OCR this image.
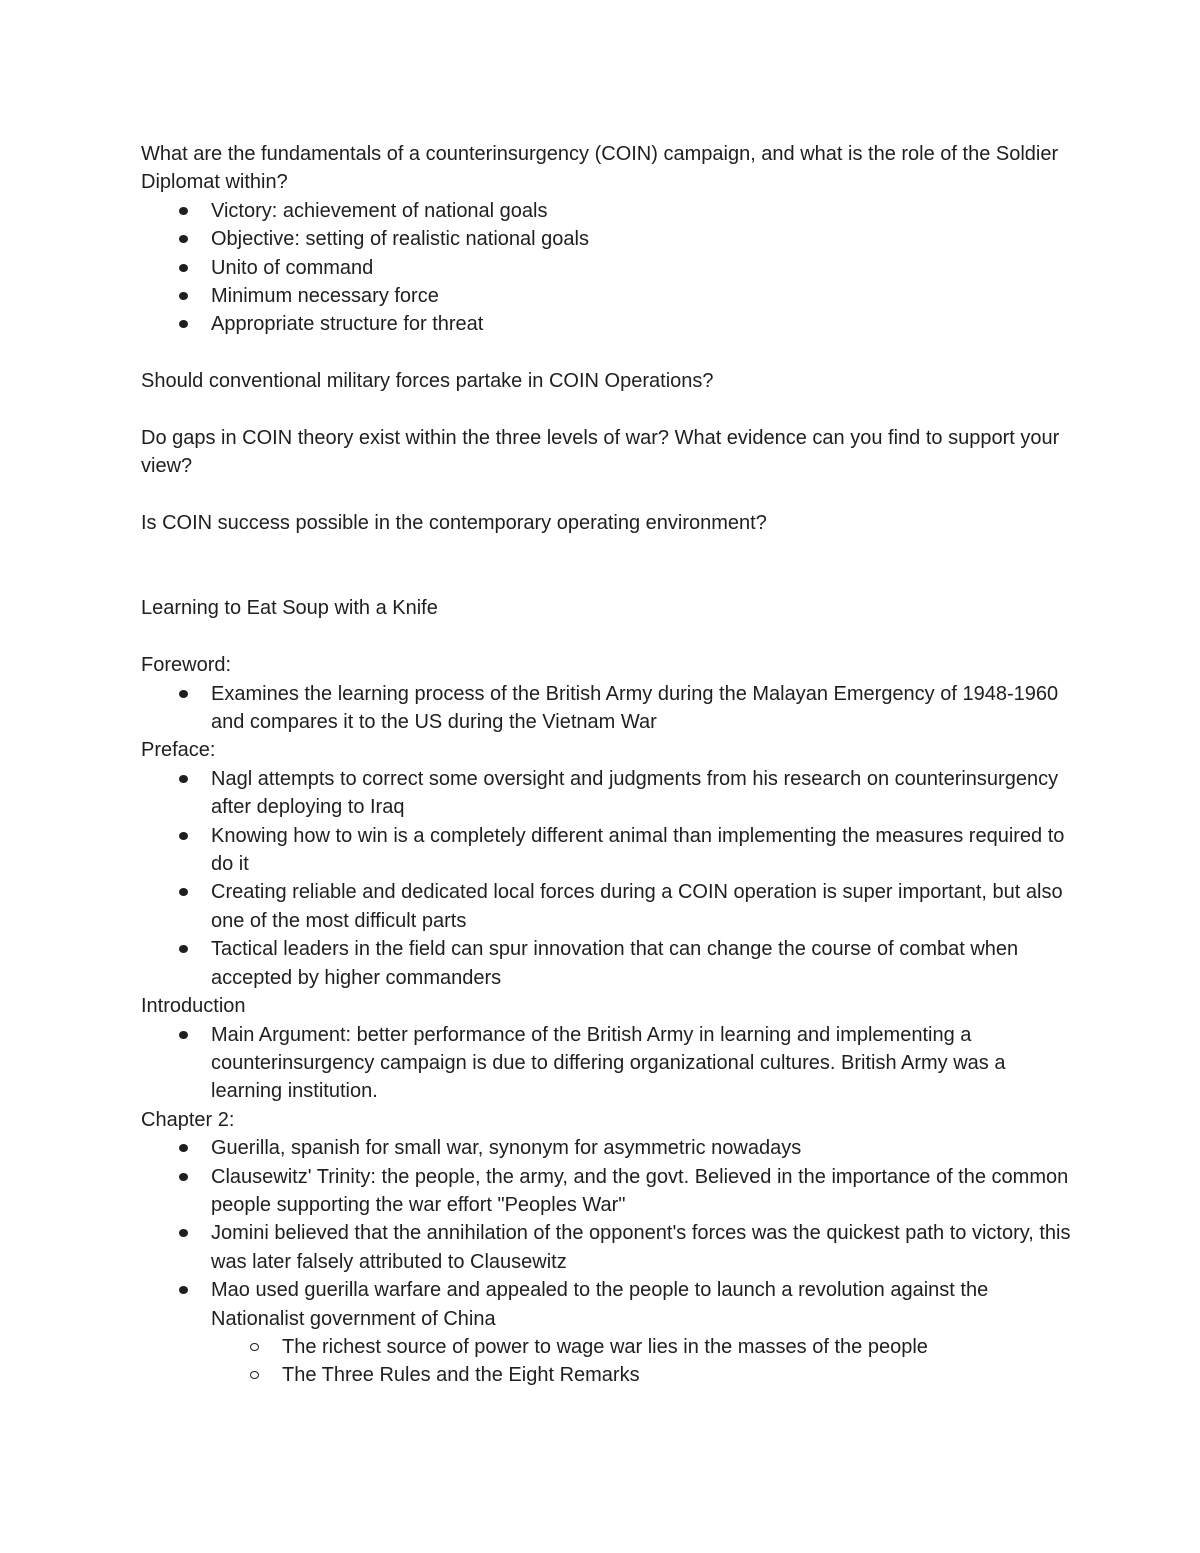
What are the fundamentals of a counterinsurgency (COIN) campaign, and what is the role of the Soldier Diplomat within?

Victory: achievement of national goals
Objective: setting of realistic national goals
Unito of command
Minimum necessary force
Appropriate structure for threat

Should conventional military forces partake in COIN Operations?

Do gaps in COIN theory exist within the three levels of war? What evidence can you find to support your view?

Is COIN success possible in the contemporary operating environment?

Learning to Eat Soup with a Knife

Foreword:

Examines the learning process of the British Army during the Malayan Emergency of 1948-1960 and compares it to the US during the Vietnam War

Preface:

Nagl attempts to correct some oversight and judgments from his research on counterinsurgency after deploying to Iraq
Knowing how to win is a completely different animal than implementing the measures required to do it
Creating reliable and dedicated local forces during a COIN operation is super important, but also one of the most difficult parts
Tactical leaders in the field can spur innovation that can change the course of combat when accepted by higher commanders

Introduction

Main Argument: better performance of the British Army in learning and implementing a counterinsurgency campaign is due to differing organizational cultures. British Army was a learning institution.

Chapter 2:

Guerilla, spanish for small war, synonym for asymmetric nowadays
Clausewitz' Trinity: the people, the army, and the govt. Believed in the importance of the common people supporting the war effort "Peoples War"
Jomini believed that the annihilation of the opponent's forces was the quickest path to victory, this was later falsely attributed to Clausewitz
Mao used guerilla warfare and appealed to the people to launch a revolution against the Nationalist government of China
The richest source of power to wage war lies in the masses of the people
The Three Rules and the Eight Remarks
